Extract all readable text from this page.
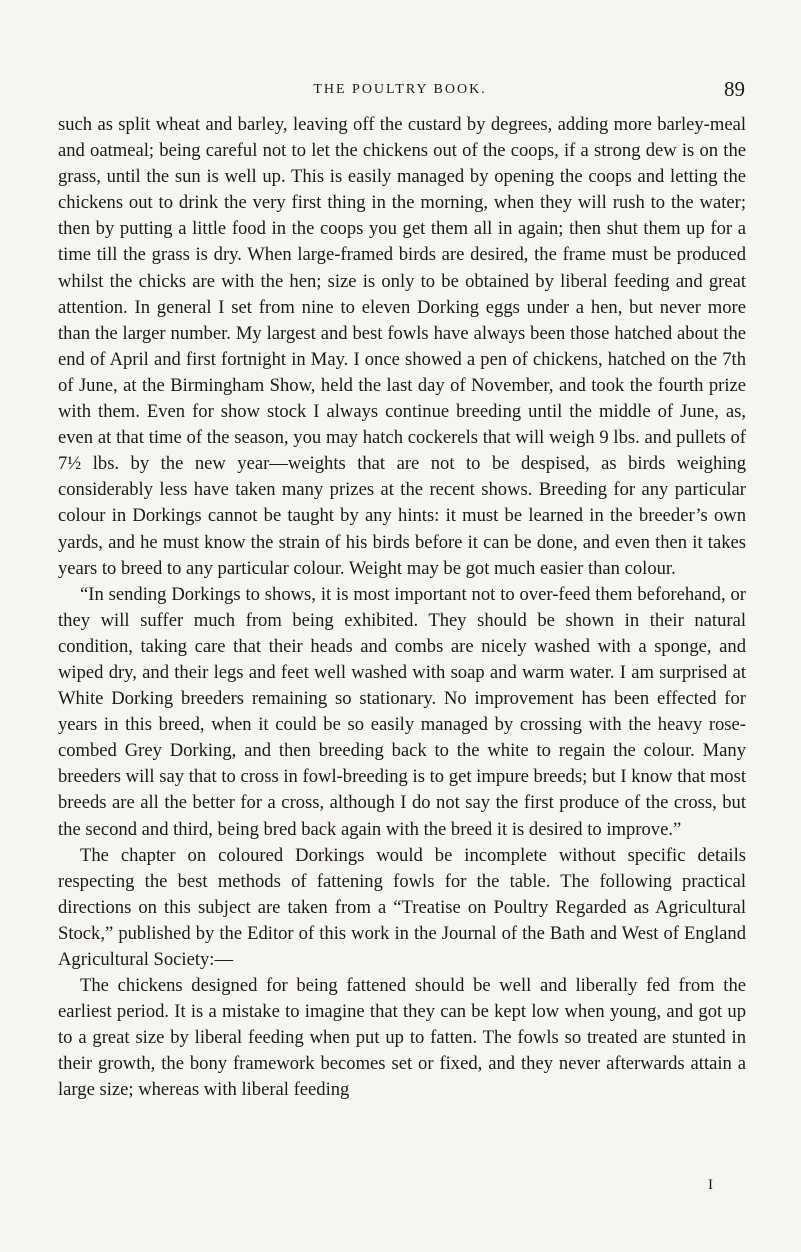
THE POULTRY BOOK.	89

such as split wheat and barley, leaving off the custard by degrees, adding more barley-meal and oatmeal; being careful not to let the chickens out of the coops, if a strong dew is on the grass, until the sun is well up. This is easily managed by opening the coops and letting the chickens out to drink the very first thing in the morning, when they will rush to the water; then by putting a little food in the coops you get them all in again; then shut them up for a time till the grass is dry. When large-framed birds are desired, the frame must be produced whilst the chicks are with the hen; size is only to be obtained by liberal feeding and great attention. In general I set from nine to eleven Dorking eggs under a hen, but never more than the larger number. My largest and best fowls have always been those hatched about the end of April and first fortnight in May. I once showed a pen of chickens, hatched on the 7th of June, at the Birmingham Show, held the last day of November, and took the fourth prize with them. Even for show stock I always continue breeding until the middle of June, as, even at that time of the season, you may hatch cockerels that will weigh 9 lbs. and pullets of 7½ lbs. by the new year—weights that are not to be despised, as birds weighing considerably less have taken many prizes at the recent shows. Breeding for any particular colour in Dorkings cannot be taught by any hints: it must be learned in the breeder’s own yards, and he must know the strain of his birds before it can be done, and even then it takes years to breed to any particular colour. Weight may be got much easier than colour.

“In sending Dorkings to shows, it is most important not to over-feed them beforehand, or they will suffer much from being exhibited. They should be shown in their natural condition, taking care that their heads and combs are nicely washed with a sponge, and wiped dry, and their legs and feet well washed with soap and warm water. I am surprised at White Dorking breeders remaining so stationary. No improvement has been effected for years in this breed, when it could be so easily managed by crossing with the heavy rose-combed Grey Dorking, and then breeding back to the white to regain the colour. Many breeders will say that to cross in fowl-breeding is to get impure breeds; but I know that most breeds are all the better for a cross, although I do not say the first produce of the cross, but the second and third, being bred back again with the breed it is desired to improve.”

The chapter on coloured Dorkings would be incomplete without specific details respecting the best methods of fattening fowls for the table. The following practical directions on this subject are taken from a “Treatise on Poultry Regarded as Agricultural Stock,” published by the Editor of this work in the Journal of the Bath and West of England Agricultural Society:—

The chickens designed for being fattened should be well and liberally fed from the earliest period. It is a mistake to imagine that they can be kept low when young, and got up to a great size by liberal feeding when put up to fatten. The fowls so treated are stunted in their growth, the bony framework becomes set or fixed, and they never afterwards attain a large size; whereas with liberal feeding

I
